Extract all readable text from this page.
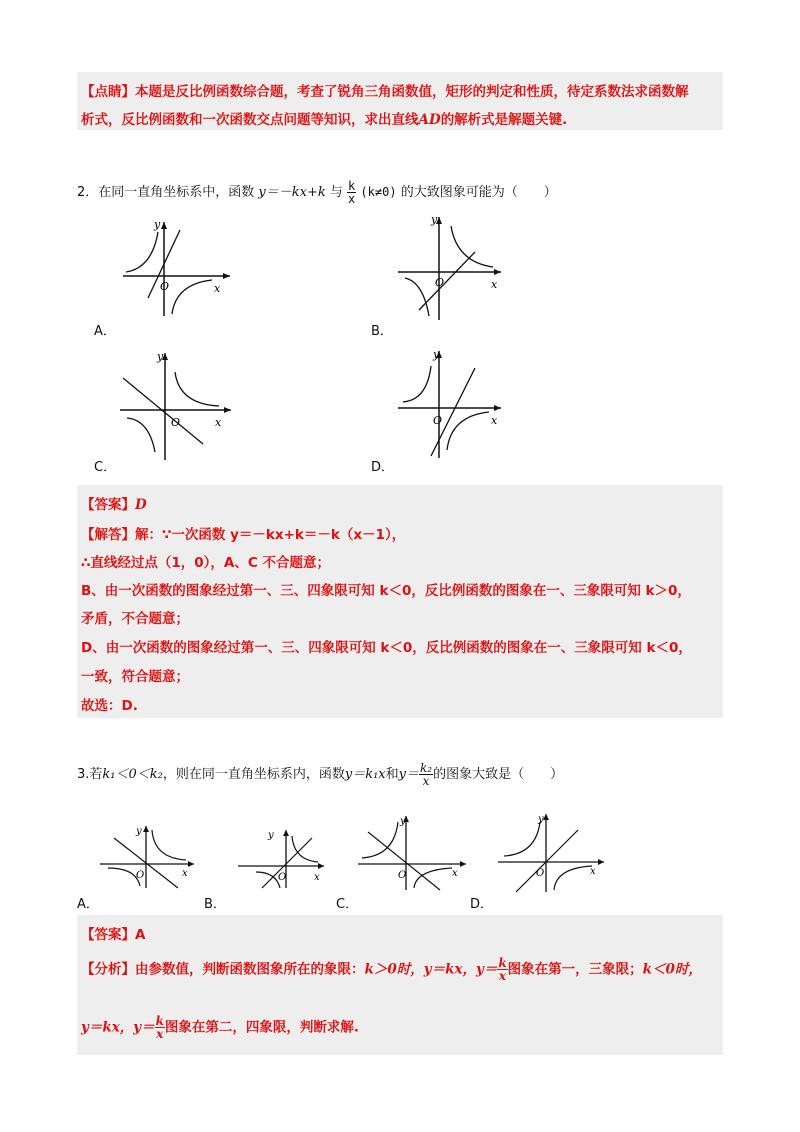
【点睛】本题是反比例函数综合题，考查了锐角三角函数值，矩形的判定和性质，待定系数法求函数解
析式，反比例函数和一次函数交点问题等知识，求出直线AD的解析式是解题关键.
2．在同一直角坐标系中，函数 y＝－kx+k 与 $\frac{k}{x} (k\ne 0)$ 的大致图象可能为（　　）
y
x
O
A．
y
x
O
B．
y
x
O
C．
y
x
O
D．
【答案】D
【解答】解：∵一次函数 y＝－kx+k＝－k（x－1），
∴直线经过点（1，0），A、C 不合题意；
B、由一次函数的图象经过第一、三、四象限可知 k＜0，反比例函数的图象在一、三象限可知 k＞0，
矛盾，不合题意；
D、由一次函数的图象经过第一、三、四象限可知 k＜0，反比例函数的图象在一、三象限可知 k＜0，
一致，符合题意；
故选：D.
3.若k₁＜0＜k₂，则在同一直角坐标系内，函数y＝k₁x和$y= \frac{\text{k₂}}{x}$ 的图象大致是（　　）
y
x
O
A．
y
x
O
B．
y
x
O
C．
y
x
O
D．
【答案】A
【分析】由参数值，判断函数图象所在的象限：k＞0时，y＝kx，$y= \frac{k}{x}$ 图象在第一，三象限；k＜0时，
y＝kx，$y= \frac{k}{x}$ 图象在第二，四象限，判断求解.
